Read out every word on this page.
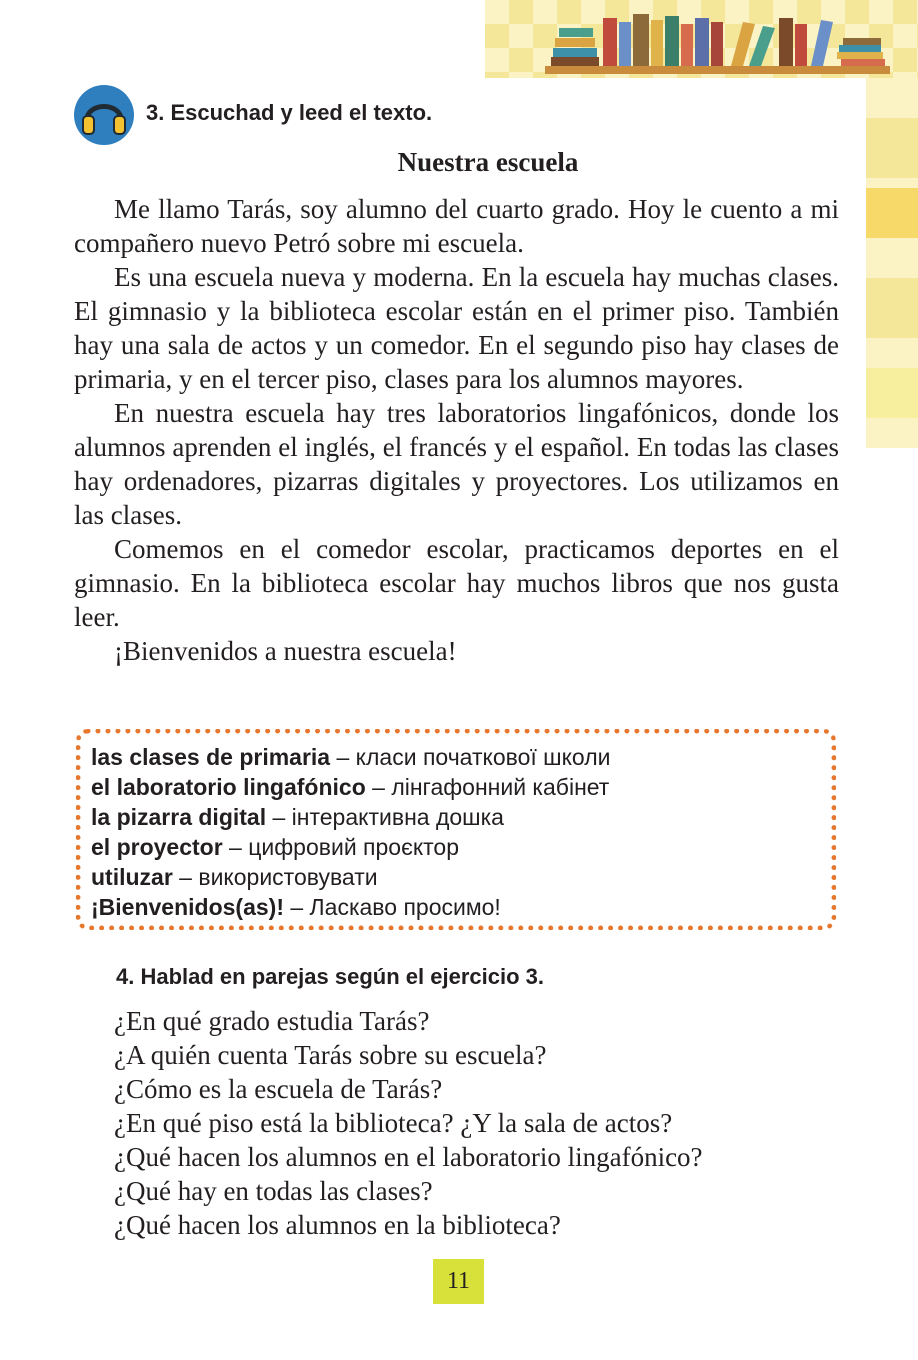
3. Escuchad y leed el texto.
Nuestra escuela

Me llamo Tarás, soy alumno del cuarto grado. Hoy le cuento a mi compañero nuevo Petró sobre mi escuela.

Es una escuela nueva y moderna. En la escuela hay muchas clases. El gimnasio y la biblioteca escolar están en el primer piso. También hay una sala de actos y un comedor. En el segundo piso hay clases de primaria, y en el tercer piso, clases para los alumnos mayores.

En nuestra escuela hay tres laboratorios lingafónicos, donde los alumnos aprenden el inglés, el francés y el español. En todas las clases hay ordenadores, pizarras digitales y proyectores. Los utilizamos en las clases.

Comemos en el comedor escolar, practicamos deportes en el gimnasio. En la biblioteca escolar hay muchos libros que nos gusta leer.

¡Bienvenidos a nuestra escuela!

las clases de primaria – класи початкової школи
el laboratorio lingafónico – лінгафонний кабінет
la pizarra digital – інтерактивна дошка
el proyector – цифровий проєктор
utiluzar – використовувати
¡Bienvenidos(as)! – Ласкаво просимо!
4. Hablad en parejas según el ejercicio 3.
¿En qué grado estudia Tarás?
¿A quién cuenta Tarás sobre su escuela?
¿Cómo es la escuela de Tarás?
¿En qué piso está la biblioteca? ¿Y la sala de actos?
¿Qué hacen los alumnos en el laboratorio lingafónico?
¿Qué hay en todas las clases?
¿Qué hacen los alumnos en la biblioteca?
11
